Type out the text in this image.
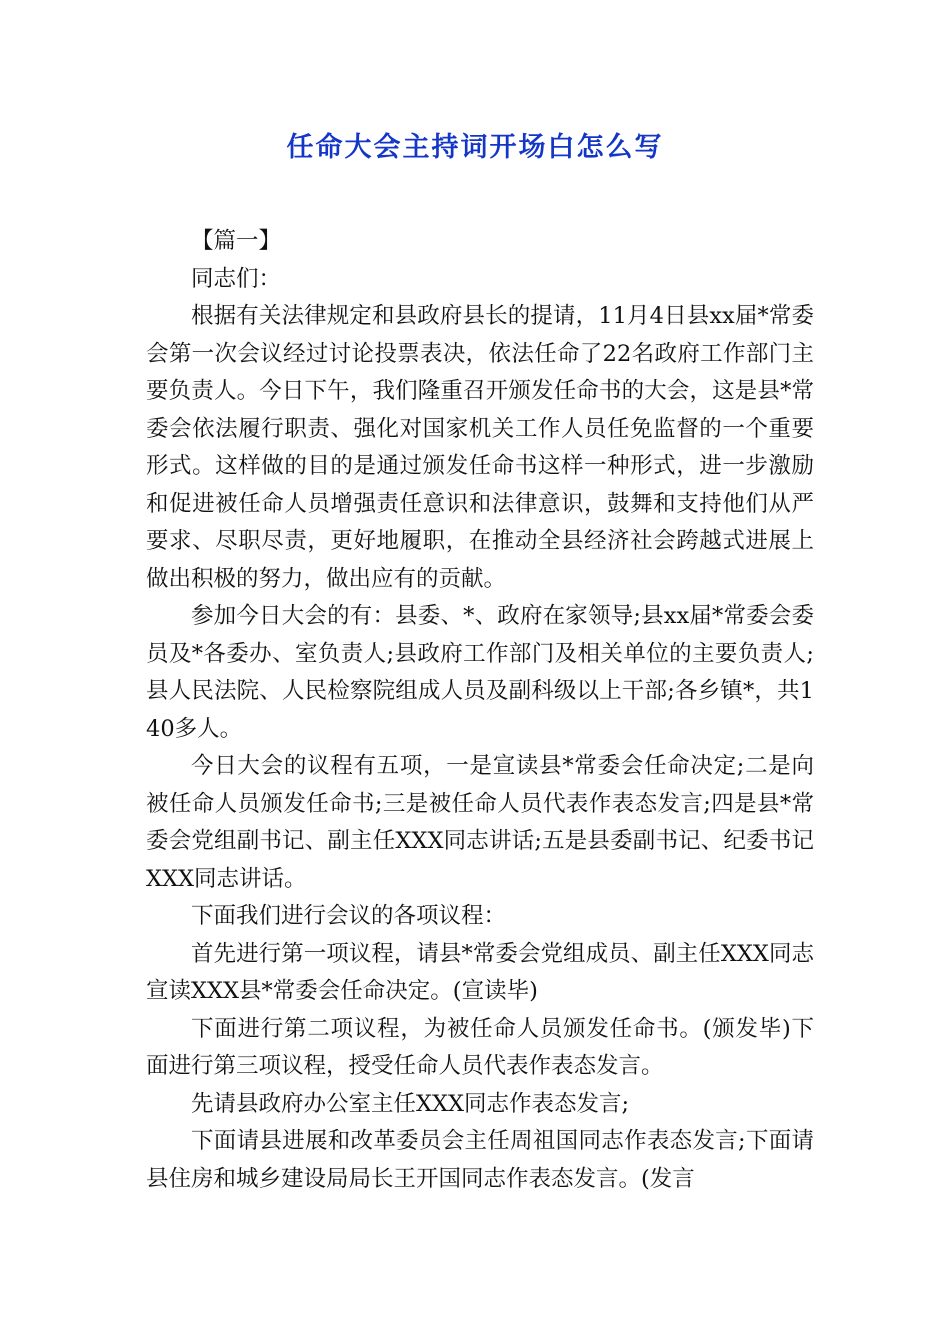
任命大会主持词开场白怎么写

【篇一】

同志们：

根据有关法律规定和县政府县长的提请，11月4日县xx届*常委会第一次会议经过讨论投票表决，依法任命了22名政府工作部门主要负责人。今日下午，我们隆重召开颁发任命书的大会，这是县*常委会依法履行职责、强化对国家机关工作人员任免监督的一个重要形式。这样做的目的是通过颁发任命书这样一种形式，进一步激励和促进被任命人员增强责任意识和法律意识，鼓舞和支持他们从严要求、尽职尽责，更好地履职，在推动全县经济社会跨越式进展上做出积极的努力，做出应有的贡献。

参加今日大会的有：县委、*、政府在家领导;县xx届*常委会委员及*各委办、室负责人;县政府工作部门及相关单位的主要负责人;县人民法院、人民检察院组成人员及副科级以上干部;各乡镇*，共140多人。

今日大会的议程有五项，一是宣读县*常委会任命决定;二是向被任命人员颁发任命书;三是被任命人员代表作表态发言;四是县*常委会党组副书记、副主任XXX同志讲话;五是县委副书记、纪委书记XXX同志讲话。

下面我们进行会议的各项议程：

首先进行第一项议程，请县*常委会党组成员、副主任XXX同志宣读XXX县*常委会任命决定。(宣读毕)

下面进行第二项议程，为被任命人员颁发任命书。(颁发毕)下面进行第三项议程，授受任命人员代表作表态发言。

先请县政府办公室主任XXX同志作表态发言;

下面请县进展和改革委员会主任周祖国同志作表态发言;下面请县住房和城乡建设局局长王开国同志作表态发言。(发言
